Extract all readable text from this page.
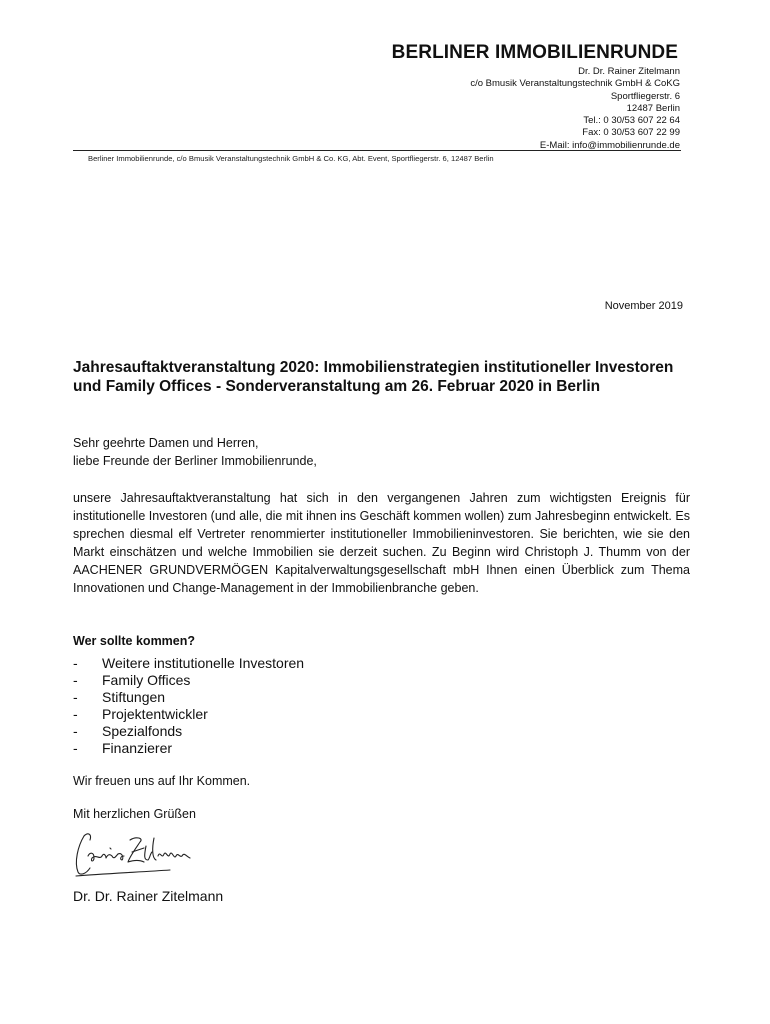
BERLINER IMMOBILIENRUNDE
Dr. Dr. Rainer Zitelmann
c/o Bmusik Veranstaltungstechnik GmbH & CoKG
Sportfliegerstr. 6
12487 Berlin
Tel.: 0 30/53 607 22 64
Fax: 0 30/53 607 22 99
E-Mail: info@immobilienrunde.de
Berliner Immobilienrunde, c/o Bmusik Veranstaltungstechnik GmbH & Co. KG, Abt. Event, Sportfliegerstr. 6, 12487 Berlin
November 2019
Jahresauftaktveranstaltung 2020: Immobilienstrategien institutioneller Investoren und Family Offices - Sonderveranstaltung am 26. Februar 2020 in Berlin
Sehr geehrte Damen und Herren,
liebe Freunde der Berliner Immobilienrunde,

unsere Jahresauftaktveranstaltung hat sich in den vergangenen Jahren zum wichtigsten Ereignis für institutionelle Investoren (und alle, die mit ihnen ins Geschäft kommen wollen) zum Jahresbeginn entwickelt. Es sprechen diesmal elf Vertreter renommierter institutioneller Immobilieninvestoren. Sie berichten, wie sie den Markt einschätzen und welche Immobilien sie derzeit suchen. Zu Beginn wird Christoph J. Thumm von der AACHENER GRUNDVERMÖGEN Kapitalverwaltungsgesellschaft mbH Ihnen einen Überblick zum Thema Innovationen und Change-Management in der Immobilienbranche geben.

Wer sollte kommen?
-	Weitere institutionelle Investoren
-	Family Offices
-	Stiftungen
-	Projektentwickler
-	Spezialfonds
-	Finanzierer
Wir freuen uns auf Ihr Kommen.
Mit herzlichen Grüßen
Dr. Dr. Rainer Zitelmann
